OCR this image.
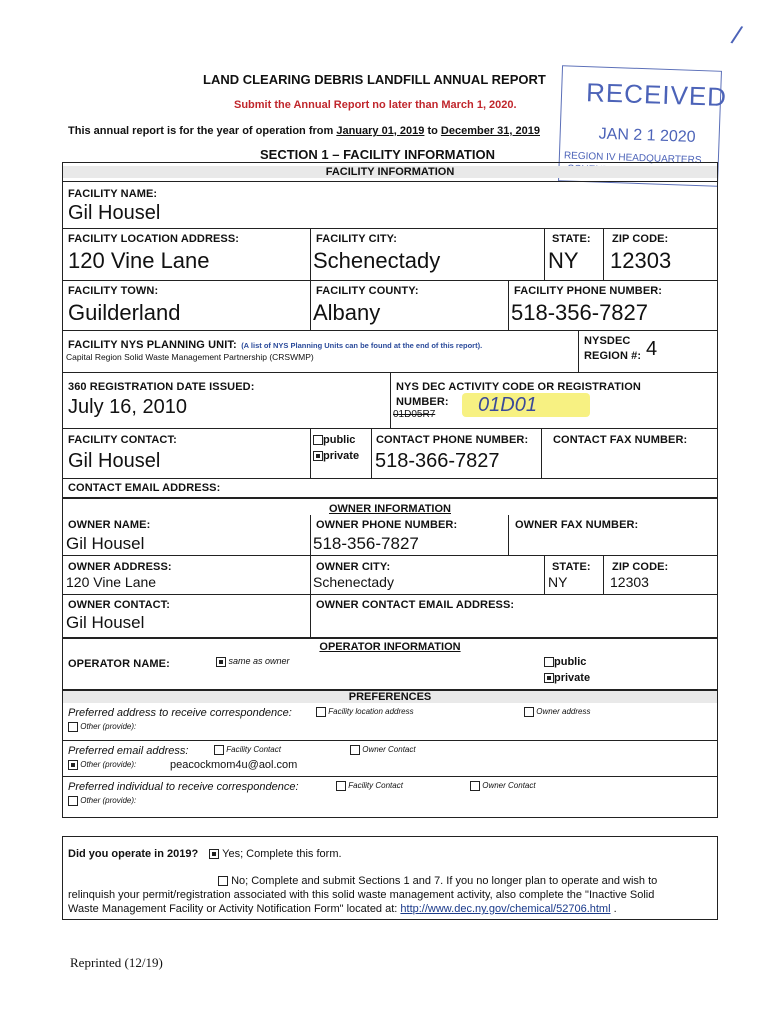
LAND CLEARING DEBRIS LANDFILL ANNUAL REPORT
Submit the Annual Report no later than March 1, 2020.
This annual report is for the year of operation from January 01, 2019 to December 31, 2019
SECTION 1 – FACILITY INFORMATION
RECEIVED
JAN 2 1 2020
REGION IV HEADQUARTERS
/
FACILITY INFORMATION
FACILITY NAME:
Gil Housel
FACILITY LOCATION ADDRESS:
120 Vine Lane
FACILITY CITY:
Schenectady
STATE:
NY
ZIP CODE:
12303
FACILITY TOWN:
Guilderland
FACILITY COUNTY:
Albany
FACILITY PHONE NUMBER:
518-356-7827
FACILITY NYS PLANNING UNIT: (A list of NYS Planning Units can be found at the end of this report).
Capital Region Solid Waste Management Partnership (CRSWMP)
NYSDEC
REGION #: 4
360 REGISTRATION DATE ISSUED:
July 16, 2010
NYS DEC ACTIVITY CODE OR REGISTRATION
NUMBER:
01D05R7 01D01
FACILITY CONTACT:
Gil Housel
public
private
CONTACT PHONE NUMBER:
518-366-7827
CONTACT FAX NUMBER:
CONTACT EMAIL ADDRESS:
OWNER INFORMATION
OWNER NAME:
Gil Housel
OWNER PHONE NUMBER:
518-356-7827
OWNER FAX NUMBER:
OWNER ADDRESS:
120 Vine Lane
OWNER CITY:
Schenectady
STATE:
NY
ZIP CODE:
12303
OWNER CONTACT:
Gil Housel
OWNER CONTACT EMAIL ADDRESS:
OPERATOR INFORMATION
OPERATOR NAME:	same as owner	public
private
PREFERENCES
Preferred address to receive correspondence:	Facility location address	Owner address
Other (provide):
Preferred email address:	Facility Contact	Owner Contact
Other (provide):	peacockmom4u@aol.com
Preferred individual to receive correspondence:	Facility Contact	Owner Contact
Other (provide):
Did you operate in 2019? Yes; Complete this form.
No; Complete and submit Sections 1 and 7. If you no longer plan to operate and wish to
relinquish your permit/registration associated with this solid waste management activity, also complete the "Inactive Solid
Waste Management Facility or Activity Notification Form" located at: http://www.dec.ny.gov/chemical/52706.html .
Reprinted (12/19)
